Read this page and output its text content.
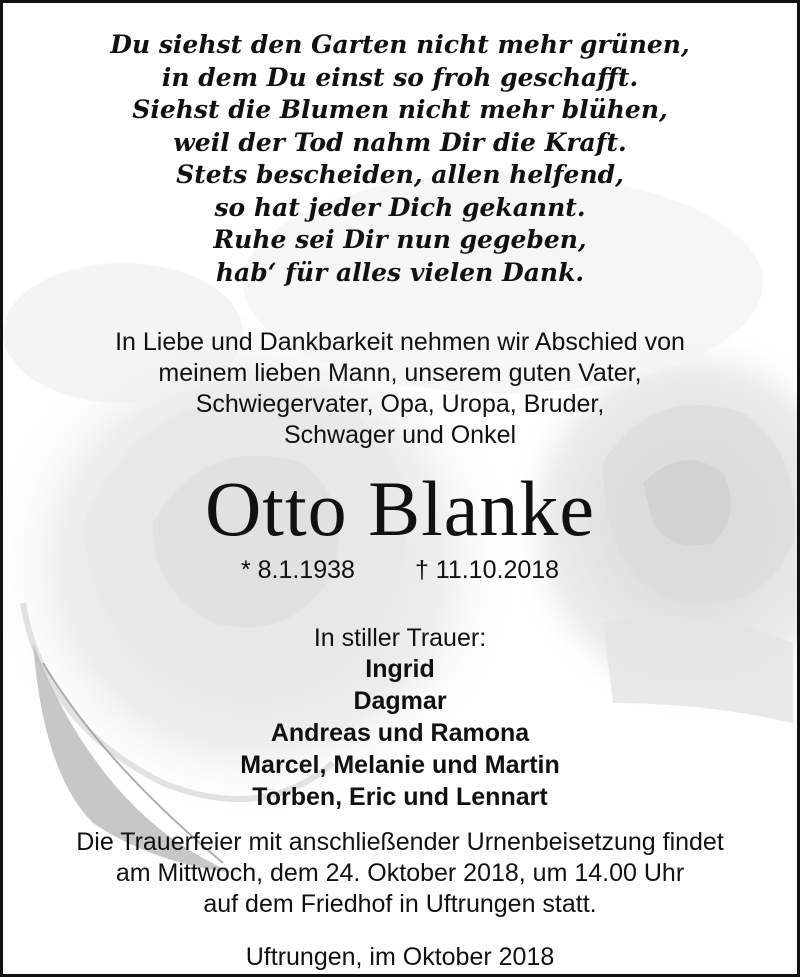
Du siehst den Garten nicht mehr grünen,
in dem Du einst so froh geschafft.
Siehst die Blumen nicht mehr blühen,
weil der Tod nahm Dir die Kraft.
Stets bescheiden, allen helfend,
so hat jeder Dich gekannt.
Ruhe sei Dir nun gegeben,
hab‘ für alles vielen Dank.
In Liebe und Dankbarkeit nehmen wir Abschied von
meinem lieben Mann, unserem guten Vater,
Schwiegervater, Opa, Uropa, Bruder,
Schwager und Onkel
Otto Blanke
* 8.1.1938 † 11.10.2018
In stiller Trauer:
Ingrid
Dagmar
Andreas und Ramona
Marcel, Melanie und Martin
Torben, Eric und Lennart
Die Trauerfeier mit anschließender Urnenbeisetzung findet
am Mittwoch, dem 24. Oktober 2018, um 14.00 Uhr
auf dem Friedhof in Uftrungen statt.
Uftrungen, im Oktober 2018
